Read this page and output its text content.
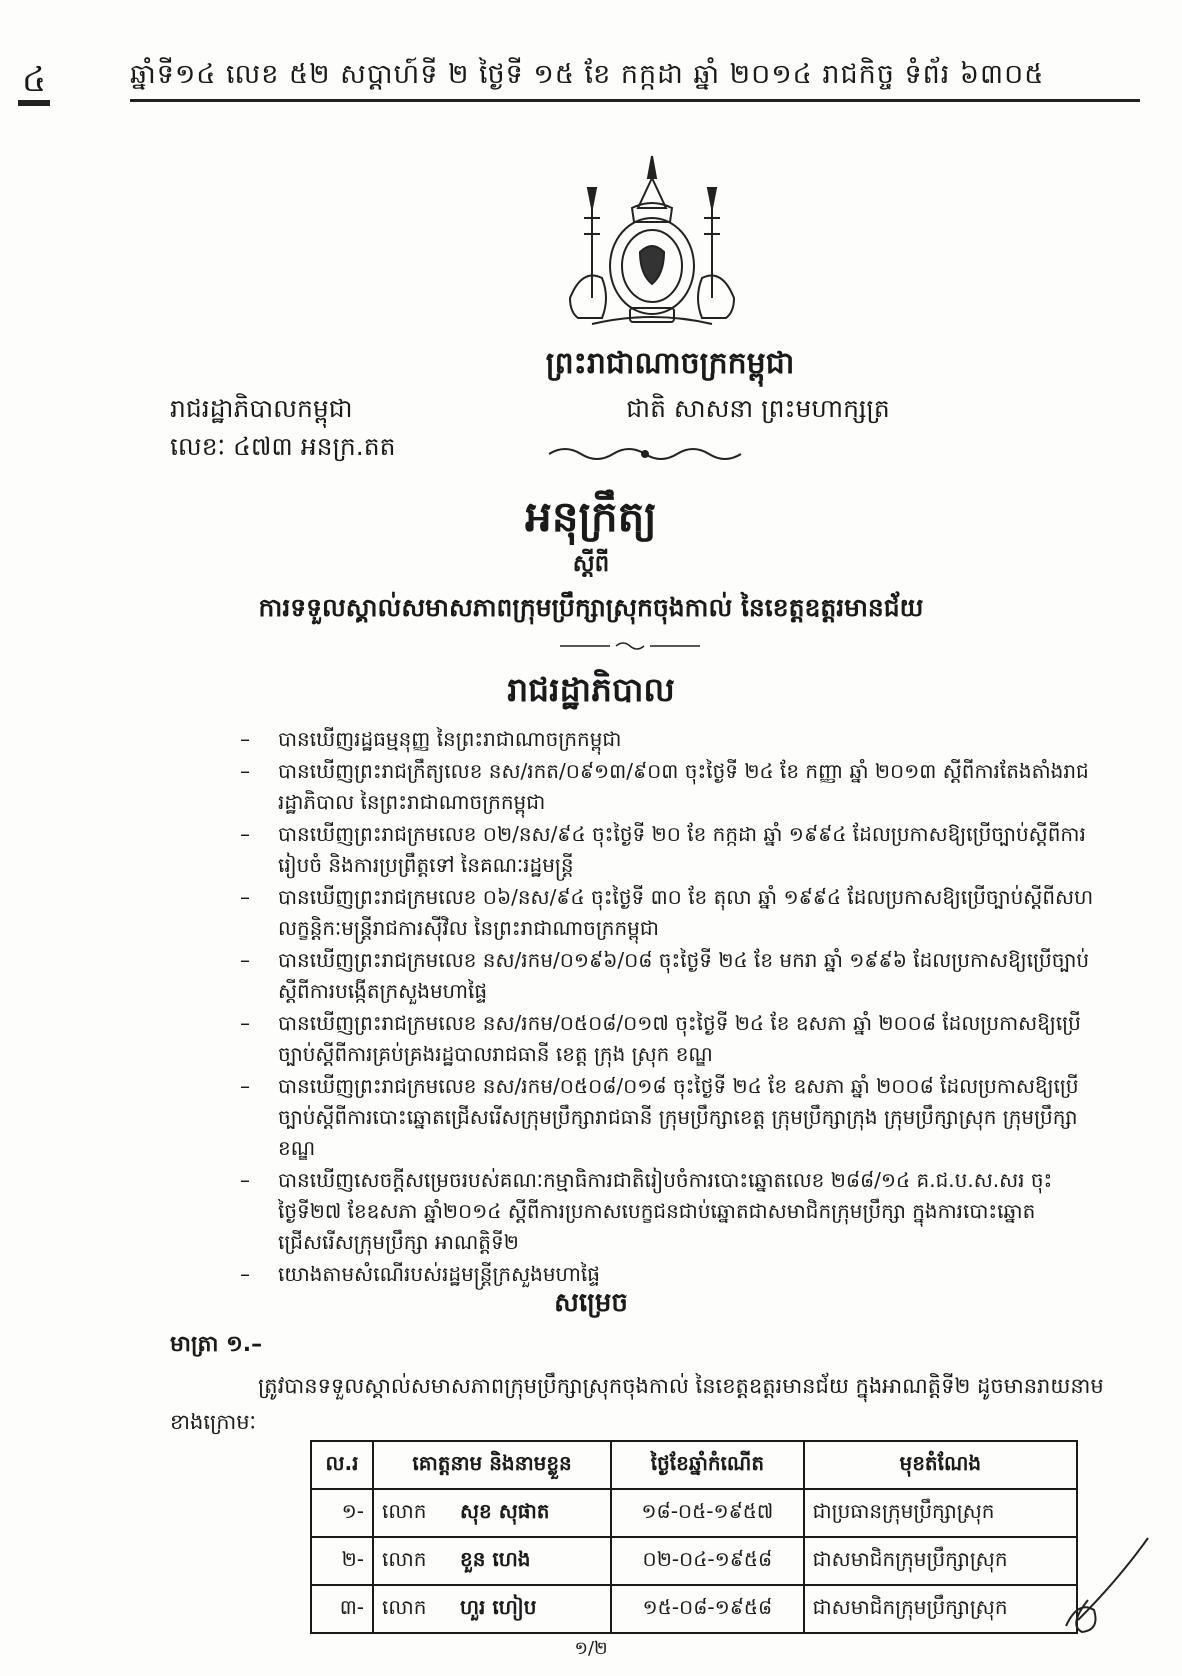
៤	ឆ្នាំទី១៤ លេខ ៥២ សប្តាហ៍ទី ២ ថ្ងៃទី ១៥ ខែ កក្កដា ឆ្នាំ ២០១៤ រាជកិច្ច ទំព័រ ៦៣០៥
ព្រះរាជាណាចក្រកម្ពុជា
រាជរដ្ឋាភិបាលកម្ពុជា	ជាតិ សាសនា ព្រះមហាក្សត្រ
លេខៈ ៤៧៣ អនក្រ.តត
អនុក្រឹត្យ
ស្តីពី
ការទទួលស្គាល់សមាសភាពក្រុមប្រឹក្សាស្រុកចុងកាល់ នៃខេត្តឧត្តរមានជ័យ
រាជរដ្ឋាភិបាល
– បានឃើញរដ្ឋធម្មនុញ្ញ នៃព្រះរាជាណាចក្រកម្ពុជា
– បានឃើញព្រះរាជក្រឹត្យលេខ នស/រកត/០៩១៣/៩០៣ ចុះថ្ងៃទី ២៤ ខែ កញ្ញា ឆ្នាំ ២០១៣ ស្តីពីការតែងតាំងរាជរដ្ឋាភិបាល នៃព្រះរាជាណាចក្រកម្ពុជា
– បានឃើញព្រះរាជក្រមលេខ ០២/នស/៩៤ ចុះថ្ងៃទី ២០ ខែ កក្កដា ឆ្នាំ ១៩៩៤ ដែលប្រកាសឱ្យប្រើច្បាប់ស្តីពីការរៀបចំ និងការប្រព្រឹត្តទៅ នៃគណៈរដ្ឋមន្ត្រី
– បានឃើញព្រះរាជក្រមលេខ ០៦/នស/៩៤ ចុះថ្ងៃទី ៣០ ខែ តុលា ឆ្នាំ ១៩៩៤ ដែលប្រកាសឱ្យប្រើច្បាប់ស្តីពីសហលក្ខន្តិកៈមន្ត្រីរាជការស៊ីវិល នៃព្រះរាជាណាចក្រកម្ពុជា
– បានឃើញព្រះរាជក្រមលេខ នស/រកម/០១៩៦/០៨ ចុះថ្ងៃទី ២៤ ខែ មករា ឆ្នាំ ១៩៩៦ ដែលប្រកាសឱ្យប្រើច្បាប់ស្តីពីការបង្កើតក្រសួងមហាផ្ទៃ
– បានឃើញព្រះរាជក្រមលេខ នស/រកម/០៥០៨/០១៧ ចុះថ្ងៃទី ២៤ ខែ ឧសភា ឆ្នាំ ២០០៨ ដែលប្រកាសឱ្យប្រើច្បាប់ស្តីពីការគ្រប់គ្រងរដ្ឋបាលរាជធានី ខេត្ត ក្រុង ស្រុក ខណ្ឌ
– បានឃើញព្រះរាជក្រមលេខ នស/រកម/០៥០៨/០១៨ ចុះថ្ងៃទី ២៤ ខែ ឧសភា ឆ្នាំ ២០០៨ ដែលប្រកាសឱ្យប្រើច្បាប់ស្តីពីការបោះឆ្នោតជ្រើសរើសក្រុមប្រឹក្សារាជធានី ក្រុមប្រឹក្សាខេត្ត ក្រុមប្រឹក្សាក្រុង ក្រុមប្រឹក្សាស្រុក ក្រុមប្រឹក្សាខណ្ឌ
– បានឃើញសេចក្តីសម្រេចរបស់គណៈកម្មាធិការជាតិរៀបចំការបោះឆ្នោតលេខ ២៨៨/១៤ គ.ជ.ប.ស.សរ ចុះថ្ងៃទី២៧ ខែឧសភា ឆ្នាំ២០១៤ ស្តីពីការប្រកាសបេក្ខជនជាប់ឆ្នោតជាសមាជិកក្រុមប្រឹក្សា ក្នុងការបោះឆ្នោតជ្រើសរើសក្រុមប្រឹក្សា អាណត្តិទី២
– យោងតាមសំណើរបស់រដ្ឋមន្ត្រីក្រសួងមហាផ្ទៃ
សម្រេច
មាត្រា ១.–
ត្រូវបានទទួលស្គាល់សមាសភាពក្រុមប្រឹក្សាស្រុកចុងកាល់ នៃខេត្តឧត្តរមានជ័យ ក្នុងអាណត្តិទី២ ដូចមានរាយនាមខាងក្រោមៈ
ល.រ	គោត្តនាម និងនាមខ្លួន	ថ្ងៃខែឆ្នាំកំណើត	មុខតំណែង
១-	លោក សុខ សុផាត	១៨-០៥-១៩៥៧	ជាប្រធានក្រុមប្រឹក្សាស្រុក
២-	លោក ខួន ហេង	០២-០៤-១៩៥៨	ជាសមាជិកក្រុមប្រឹក្សាស្រុក
៣-	លោក ហួរ ហៀប	១៥-០៨-១៩៥៨	ជាសមាជិកក្រុមប្រឹក្សាស្រុក
១/២
